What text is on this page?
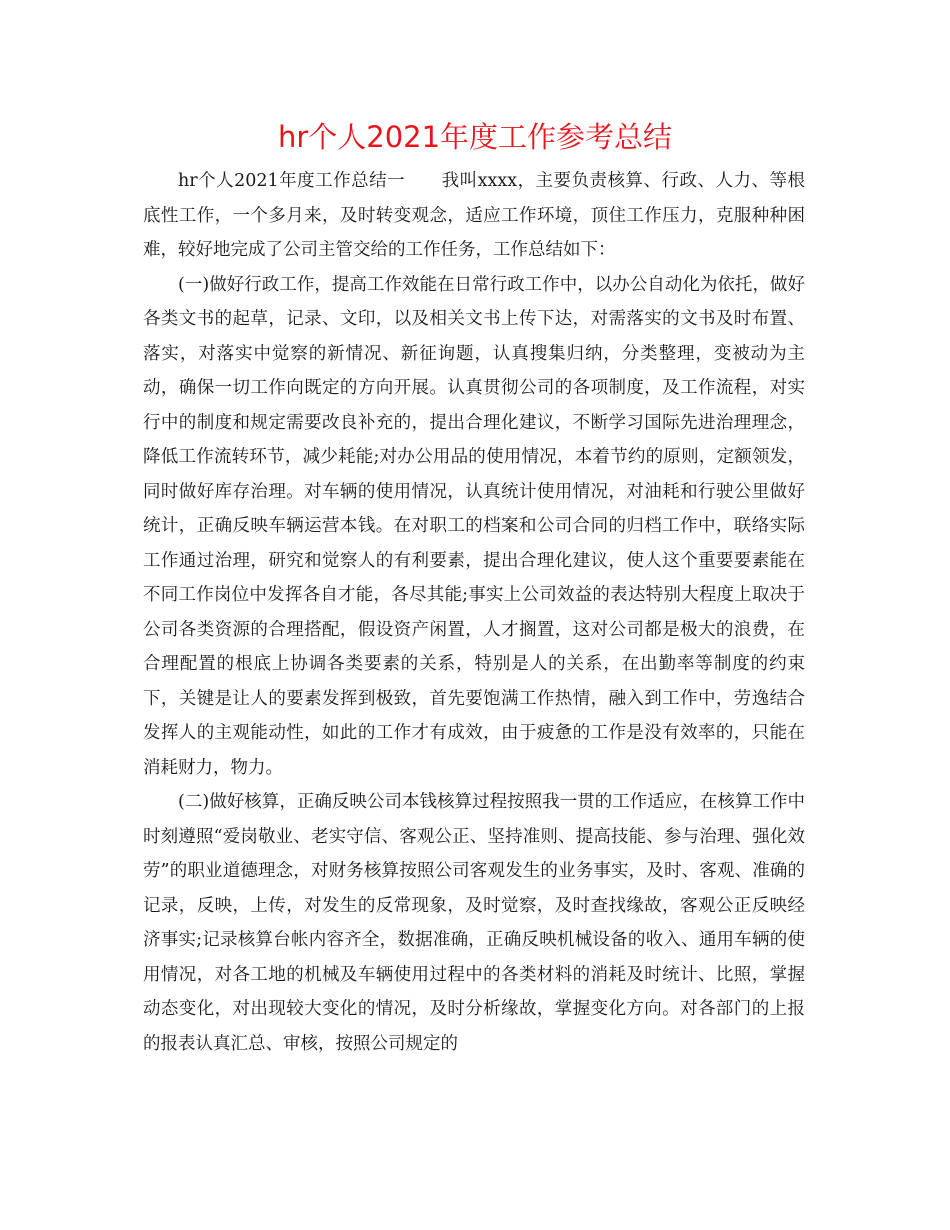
hr个人2021年度工作参考总结

hr个人2021年度工作总结一 我叫xxxx，主要负责核算、行政、人力、等根底性工作，一个多月来，及时转变观念，适应工作环境，顶住工作压力，克服种种困难，较好地完成了公司主管交给的工作任务，工作总结如下：

(一)做好行政工作，提高工作效能在日常行政工作中，以办公自动化为依托，做好各类文书的起草，记录、文印，以及相关文书上传下达，对需落实的文书及时布置、落实，对落实中觉察的新情况、新征询题，认真搜集归纳，分类整理，变被动为主动，确保一切工作向既定的方向开展。认真贯彻公司的各项制度，及工作流程，对实行中的制度和规定需要改良补充的，提出合理化建议，不断学习国际先进治理理念，降低工作流转环节，减少耗能;对办公用品的使用情况，本着节约的原则，定额领发，同时做好库存治理。对车辆的使用情况，认真统计使用情况，对油耗和行驶公里做好统计，正确反映车辆运营本钱。在对职工的档案和公司合同的归档工作中，联络实际工作通过治理，研究和觉察人的有利要素，提出合理化建议，使人这个重要要素能在不同工作岗位中发挥各自才能，各尽其能;事实上公司效益的表达特别大程度上取决于公司各类资源的合理搭配，假设资产闲置，人才搁置，这对公司都是极大的浪费，在合理配置的根底上协调各类要素的关系，特别是人的关系，在出勤率等制度的约束下，关键是让人的要素发挥到极致，首先要饱满工作热情，融入到工作中，劳逸结合发挥人的主观能动性，如此的工作才有成效，由于疲惫的工作是没有效率的，只能在消耗财力，物力。

(二)做好核算，正确反映公司本钱核算过程按照我一贯的工作适应，在核算工作中时刻遵照“爱岗敬业、老实守信、客观公正、坚持准则、提高技能、参与治理、强化效劳”的职业道德理念，对财务核算按照公司客观发生的业务事实，及时、客观、准确的记录，反映，上传，对发生的反常现象，及时觉察，及时查找缘故，客观公正反映经济事实;记录核算台帐内容齐全，数据准确，正确反映机械设备的收入、通用车辆的使用情况，对各工地的机械及车辆使用过程中的各类材料的消耗及时统计、比照，掌握动态变化，对出现较大变化的情况，及时分析缘故，掌握变化方向。对各部门的上报的报表认真汇总、审核，按照公司规定的
